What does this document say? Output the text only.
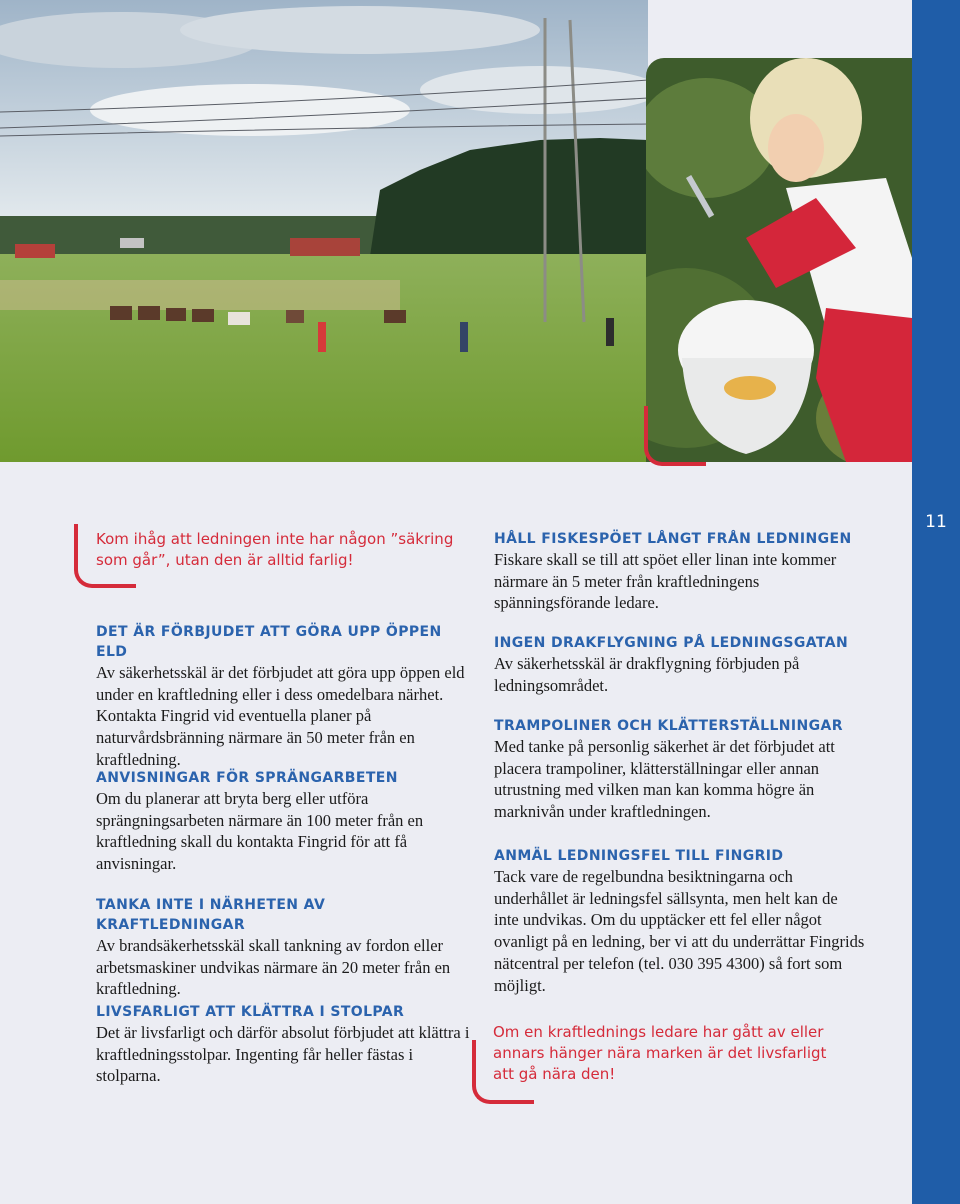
11
Kom ihåg att ledningen inte har någon ”säkring som går”, utan den är alltid farlig!
DET ÄR FÖRBJUDET ATT GÖRA UPP ÖPPEN ELD

Av säkerhetsskäl är det förbjudet att göra upp öppen eld under en kraftledning eller i dess omedelbara närhet. Kontakta Fingrid vid eventuella planer på naturvårdsbränning närmare än 50 meter från en kraftledning.

ANVISNINGAR FÖR SPRÄNGARBETEN

Om du planerar att bryta berg eller utföra sprängningsarbeten närmare än 100 meter från en kraftledning skall du kontakta Fingrid för att få anvisningar.

TANKA INTE I NÄRHETEN AV KRAFTLEDNINGAR

Av brandsäkerhetsskäl skall tankning av fordon eller arbetsmaskiner undvikas närmare än 20 meter från en kraftledning.

LIVSFARLIGT ATT KLÄTTRA I STOLPAR

Det är livsfarligt och därför absolut förbjudet att klättra i kraftledningsstolpar. Ingenting får heller fästas i stolparna.

HÅLL FISKESPÖET LÅNGT FRÅN LEDNINGEN

Fiskare skall se till att spöet eller linan inte kommer närmare än 5 meter från kraftledningens spänningsförande ledare.

INGEN DRAKFLYGNING PÅ LEDNINGSGATAN

Av säkerhetsskäl är drakflygning förbjuden på ledningsområdet.

TRAMPOLINER OCH KLÄTTERSTÄLLNINGAR

Med tanke på personlig säkerhet är det förbjudet att placera trampoliner, klätterställningar eller annan utrustning med vilken man kan komma högre än marknivån under kraftledningen.

ANMÄL LEDNINGSFEL TILL FINGRID

Tack vare de regelbundna besiktningarna och underhållet är ledningsfel sällsynta, men helt kan de inte undvikas. Om du upptäcker ett fel eller något ovanligt på en ledning, ber vi att du underrättar Fingrids nätcentral per telefon (tel. 030 395 4300) så fort som möjligt.

Om en kraftlednings ledare har gått av eller annars hänger nära marken är det livsfarligt att gå nära den!
